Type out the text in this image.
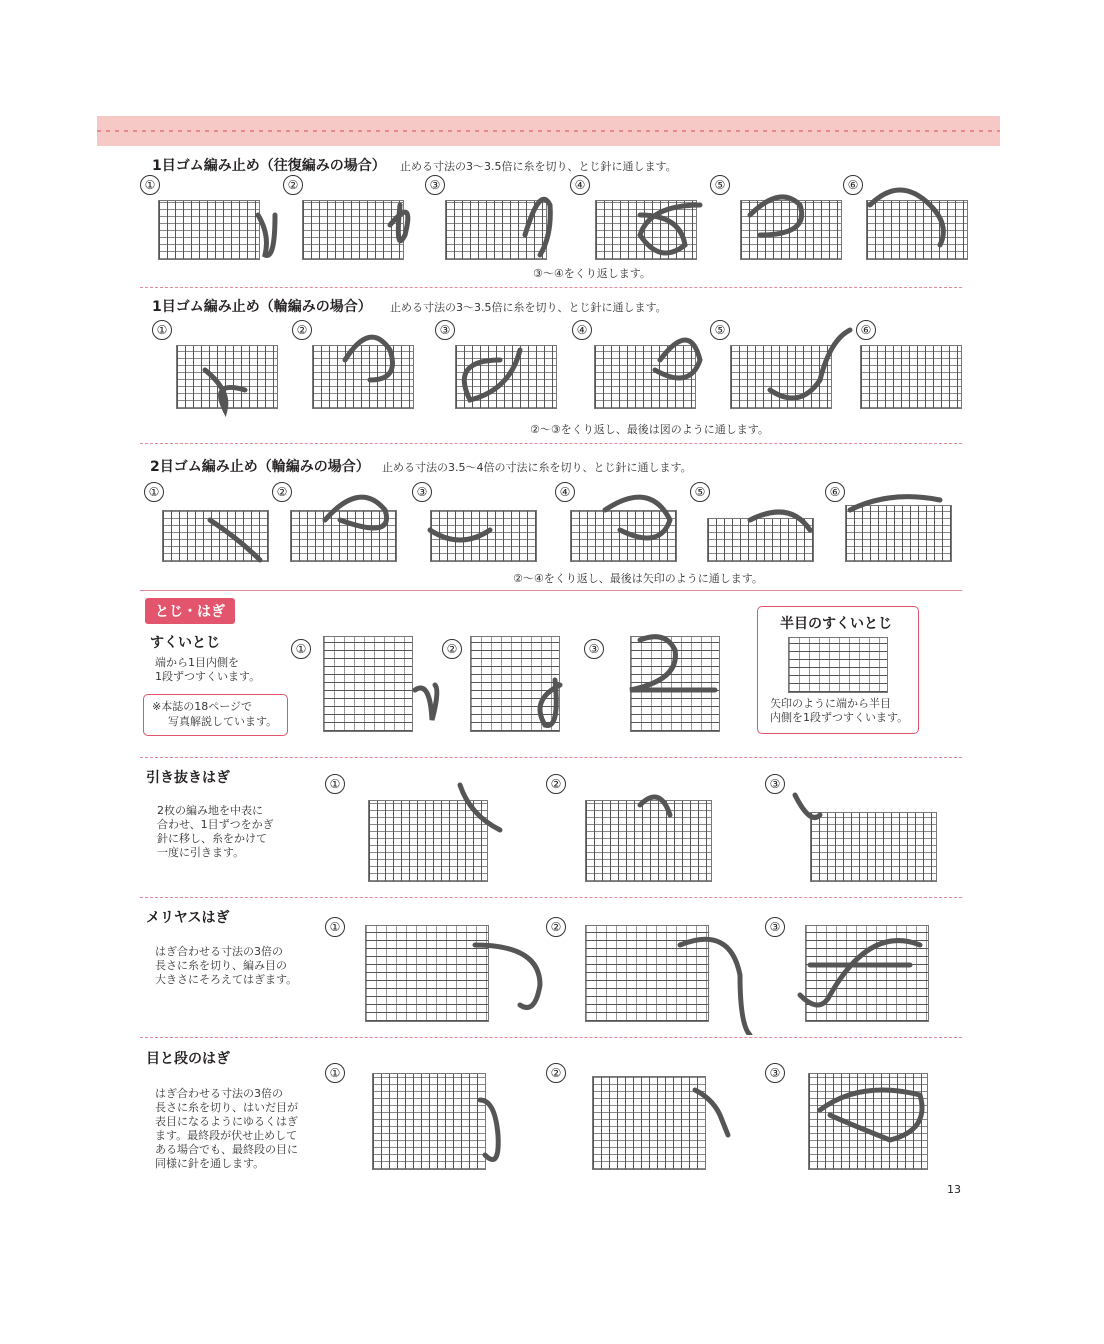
1目ゴム編み止め（往復編みの場合） 止める寸法の3〜3.5倍に糸を切り、とじ針に通します。
①	②	③	④	⑤	⑥
③〜④をくり返します。
1目ゴム編み止め（輪編みの場合） 止める寸法の3〜3.5倍に糸を切り、とじ針に通します。
①	②	③	④	⑤	⑥
②〜③をくり返し、最後は図のように通します。
2目ゴム編み止め（輪編みの場合） 止める寸法の3.5〜4倍の寸法に糸を切り、とじ針に通します。
①	②	③	④	⑤	⑥
②〜④をくり返し、最後は矢印のように通します。
とじ・はぎ
すくいとじ
端から1目内側を
1段ずつすくいます。
※本誌の18ページで
写真解説しています。
①	②	③
半目のすくいとじ
矢印のように端から半目
内側を1段ずつすくいます。
引き抜きはぎ
2枚の編み地を中表に
合わせ、1目ずつをかぎ
針に移し、糸をかけて
一度に引きます。
①	②	③
メリヤスはぎ
はぎ合わせる寸法の3倍の
長さに糸を切り、編み目の
大きさにそろえてはぎます。
①	②	③
目と段のはぎ
はぎ合わせる寸法の3倍の
長さに糸を切り、はいだ目が
表目になるようにゆるくはぎ
ます。最終段が伏せ止めして
ある場合でも、最終段の目に
同様に針を通します。
①	②	③
13
